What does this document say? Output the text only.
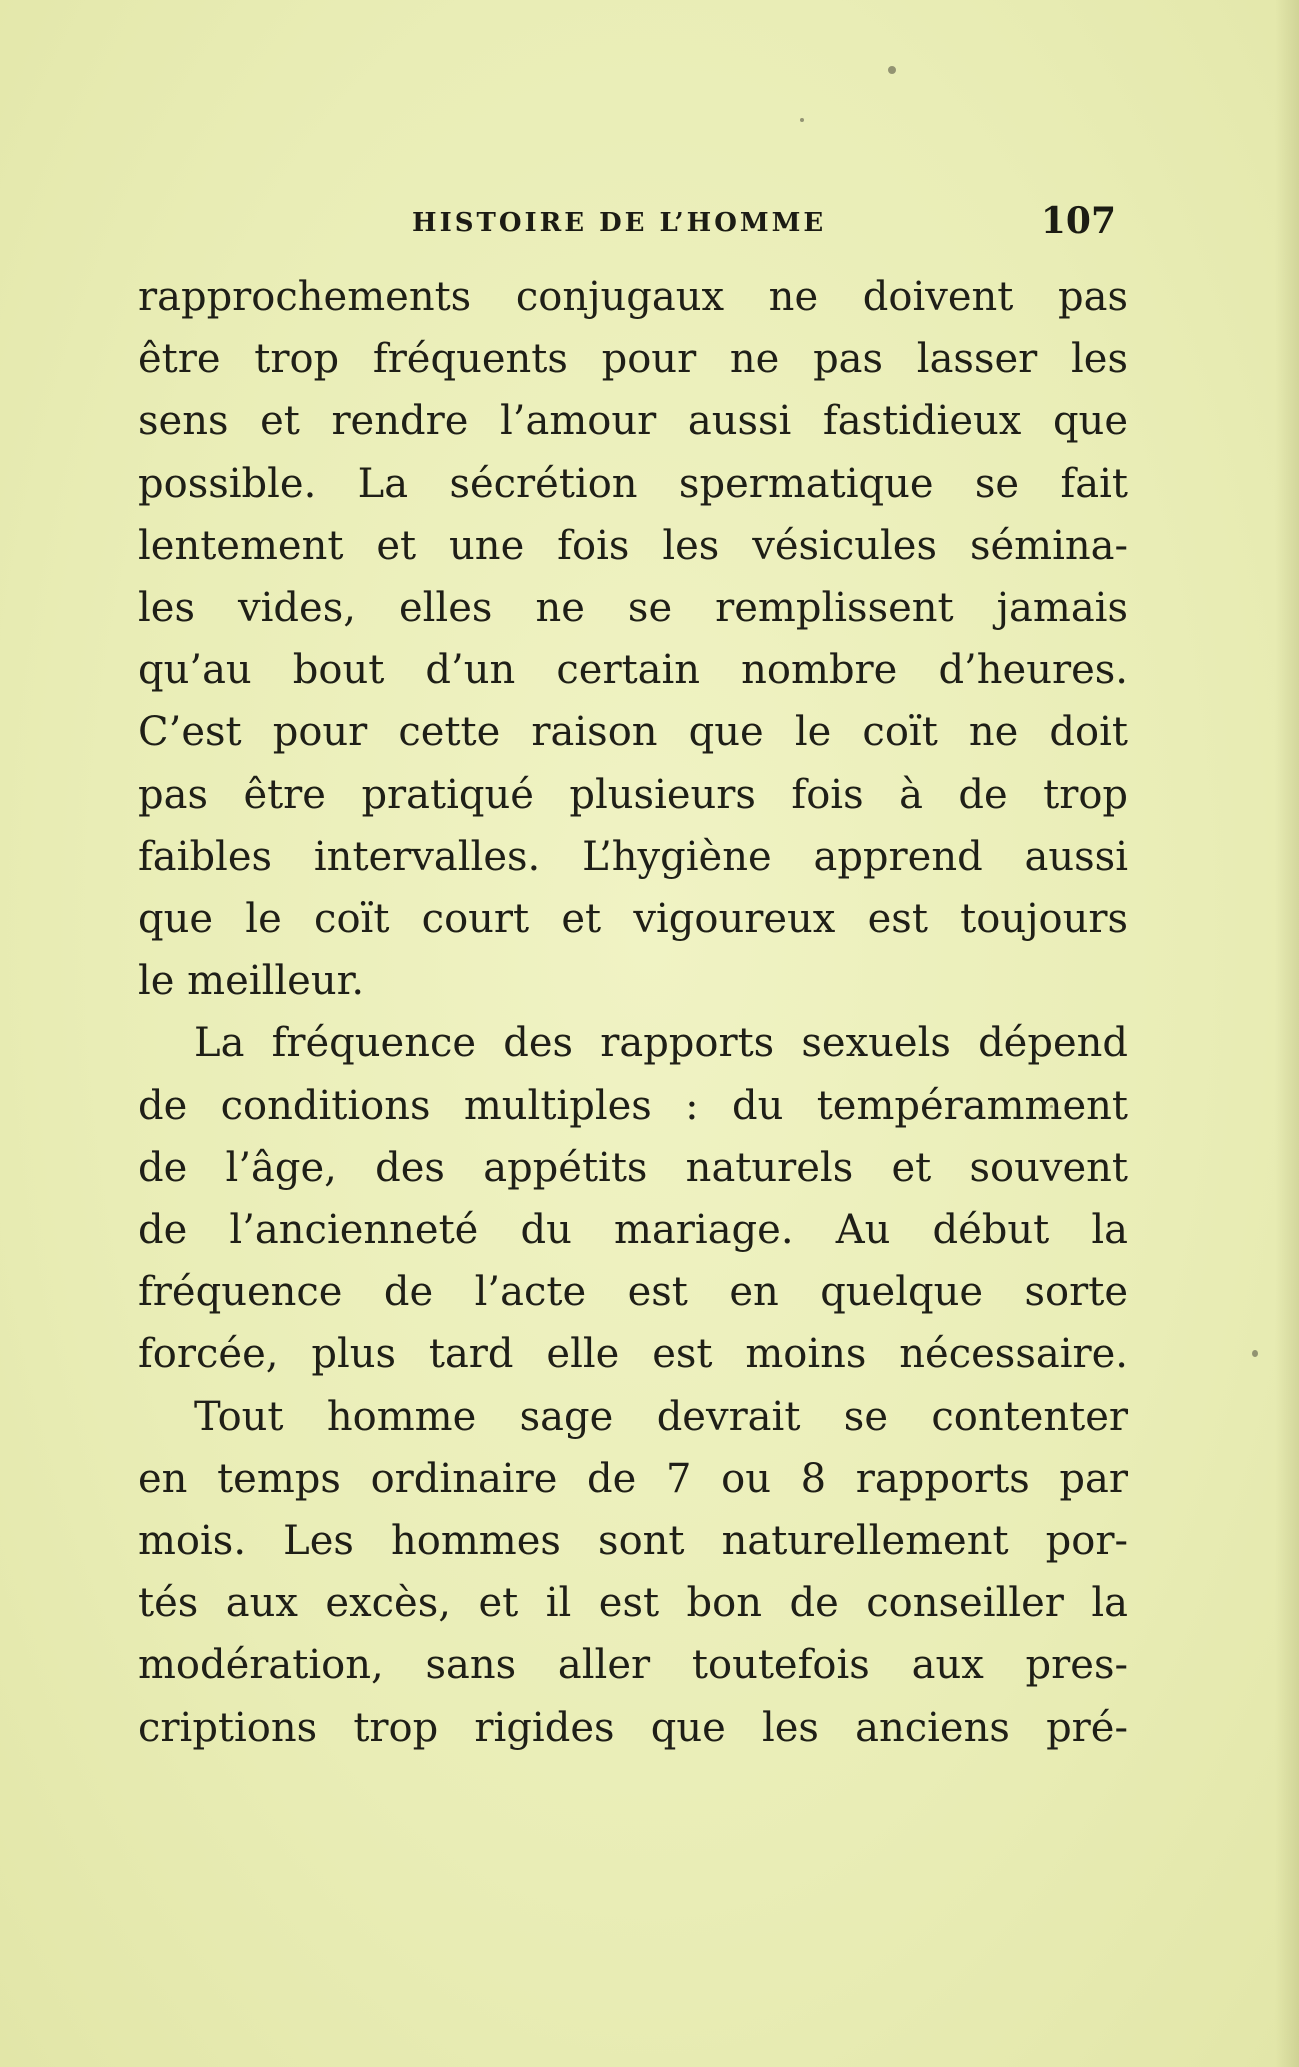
HISTOIRE DE L’HOMME	107
rapprochements conjugaux ne doivent pas
être trop fréquents pour ne pas lasser les
sens et rendre l’amour aussi fastidieux que
possible. La sécrétion spermatique se fait
lentement et une fois les vésicules sémina-
les vides, elles ne se remplissent jamais
qu’au bout d’un certain nombre d’heures.
C’est pour cette raison que le coït ne doit
pas être pratiqué plusieurs fois à de trop
faibles intervalles. L’hygiène apprend aussi
que le coït court et vigoureux est toujours
le meilleur.
La fréquence des rapports sexuels dépend
de conditions multiples : du tempéramment
de l’âge, des appétits naturels et souvent
de l’ancienneté du mariage. Au début la
fréquence de l’acte est en quelque sorte
forcée, plus tard elle est moins nécessaire.
Tout homme sage devrait se contenter
en temps ordinaire de 7 ou 8 rapports par
mois. Les hommes sont naturellement por-
tés aux excès, et il est bon de conseiller la
modération, sans aller toutefois aux pres-
criptions trop rigides que les anciens pré-
